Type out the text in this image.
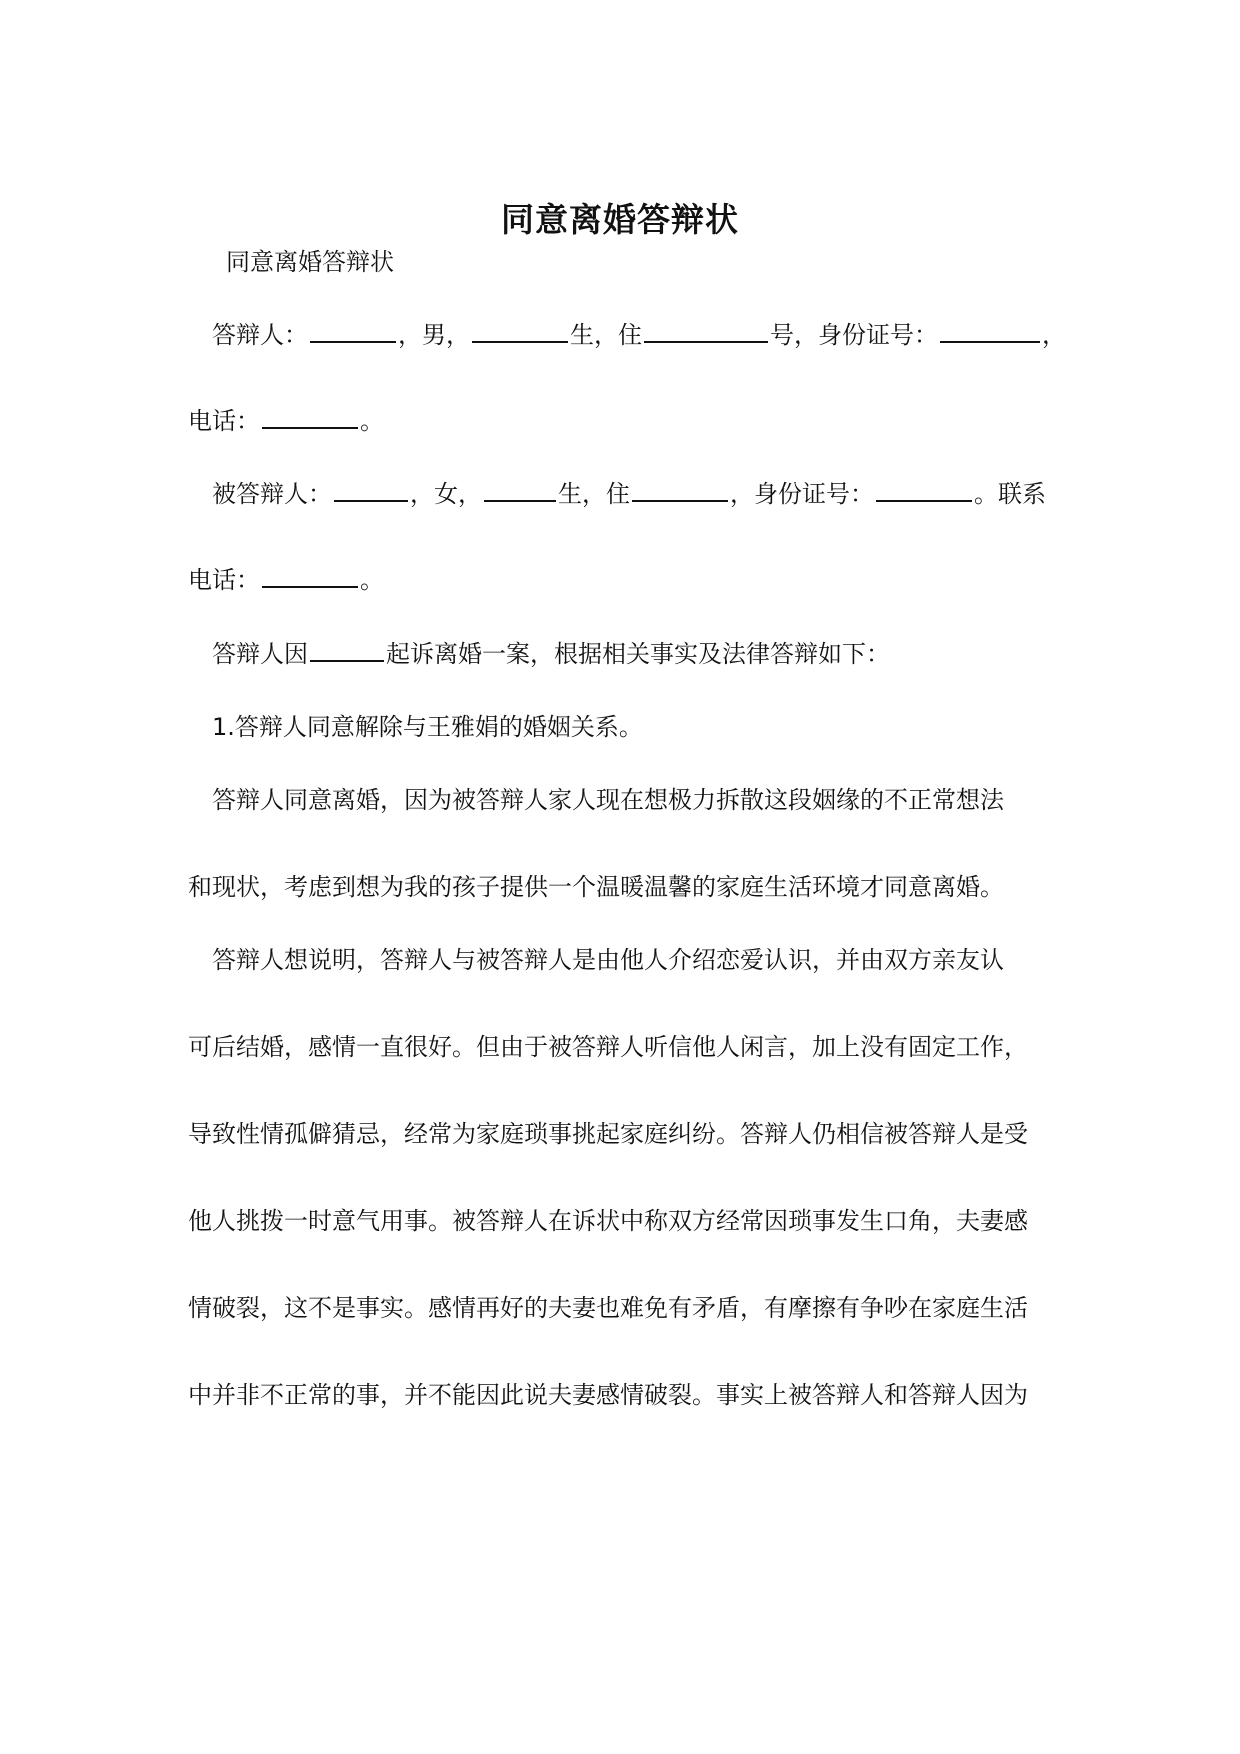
同意离婚答辩状
同意离婚答辩状
答辩人：	，男，	生，住	号，身份证号：	，
电话：	。
被答辩人：	，女，	生，住	，身份证号：	。联系
电话：	。
答辩人因	起诉离婚一案，根据相关事实及法律答辩如下：
1.答辩人同意解除与王雅娟的婚姻关系。
答辩人同意离婚，因为被答辩人家人现在想极力拆散这段姻缘的不正常想法
和现状，考虑到想为我的孩子提供一个温暖温馨的家庭生活环境才同意离婚。
答辩人想说明，答辩人与被答辩人是由他人介绍恋爱认识，并由双方亲友认
可后结婚，感情一直很好。但由于被答辩人听信他人闲言，加上没有固定工作，
导致性情孤僻猜忌，经常为家庭琐事挑起家庭纠纷。答辩人仍相信被答辩人是受
他人挑拨一时意气用事。被答辩人在诉状中称双方经常因琐事发生口角，夫妻感
情破裂，这不是事实。感情再好的夫妻也难免有矛盾，有摩擦有争吵在家庭生活
中并非不正常的事，并不能因此说夫妻感情破裂。事实上被答辩人和答辩人因为
